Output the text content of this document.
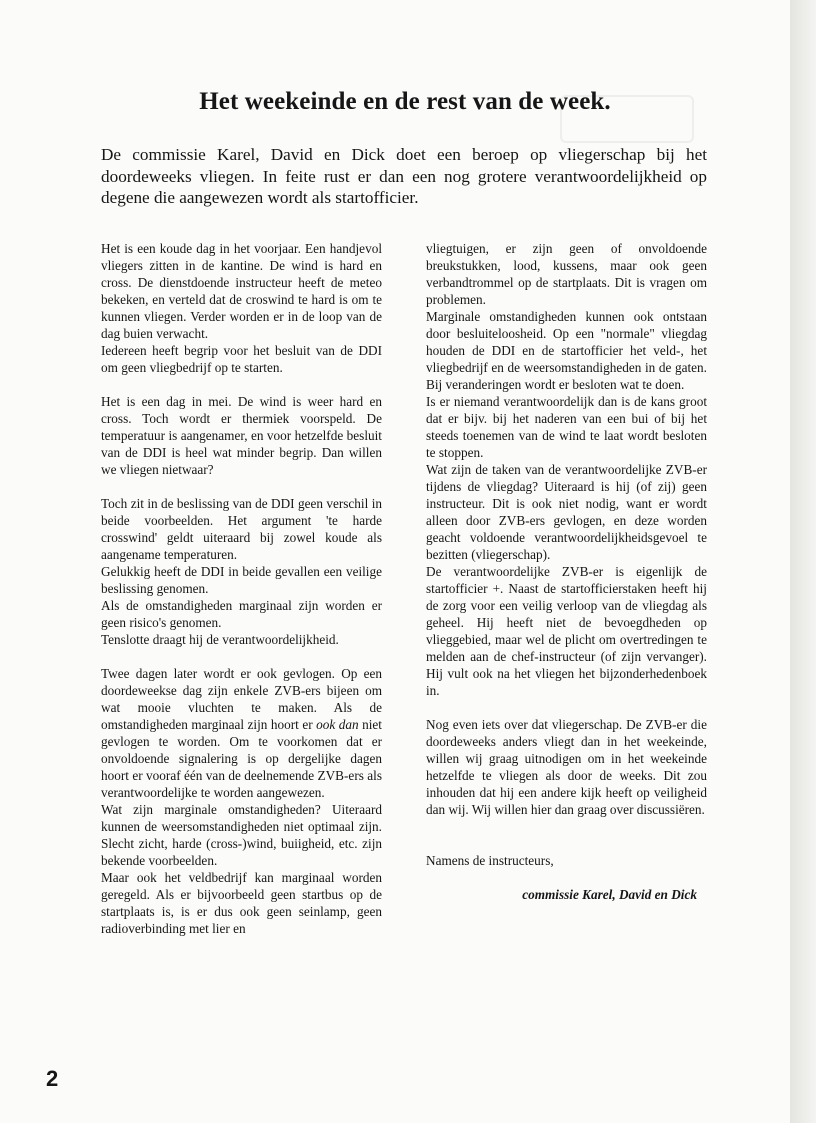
Het weekeinde en de rest van de week.

De commissie Karel, David en Dick doet een beroep op vliegerschap bij het doordeweeks vliegen. In feite rust er dan een nog grotere verantwoordelijkheid op degene die aangewezen wordt als startofficier.

Het is een koude dag in het voorjaar. Een handjevol vliegers zitten in de kantine. De wind is hard en cross. De dienstdoende instructeur heeft de meteo bekeken, en verteld dat de croswind te hard is om te kunnen vliegen. Verder worden er in de loop van de dag buien verwacht.

Iedereen heeft begrip voor het besluit van de DDI om geen vliegbedrijf op te starten.

Het is een dag in mei. De wind is weer hard en cross. Toch wordt er thermiek voorspeld. De temperatuur is aangenamer, en voor hetzelfde besluit van de DDI is heel wat minder begrip. Dan willen we vliegen nietwaar?

Toch zit in de beslissing van de DDI geen verschil in beide voorbeelden. Het argument 'te harde crosswind' geldt uiteraard bij zowel koude als aangename temperaturen.

Gelukkig heeft de DDI in beide gevallen een veilige beslissing genomen.

Als de omstandigheden marginaal zijn worden er geen risico's genomen.

Tenslotte draagt hij de verantwoordelijkheid.

Twee dagen later wordt er ook gevlogen. Op een doordeweekse dag zijn enkele ZVB-ers bijeen om wat mooie vluchten te maken. Als de omstandigheden marginaal zijn hoort er ook dan niet gevlogen te worden. Om te voorkomen dat er onvoldoende signalering is op dergelijke dagen hoort er vooraf één van de deelnemende ZVB-ers als verantwoordelijke te worden aangewezen.

Wat zijn marginale omstandigheden? Uiteraard kunnen de weersomstandigheden niet optimaal zijn. Slecht zicht, harde (cross-)wind, buiigheid, etc. zijn bekende voorbeelden.

Maar ook het veldbedrijf kan marginaal worden geregeld. Als er bijvoorbeeld geen startbus op de startplaats is, is er dus ook geen seinlamp, geen radioverbinding met lier en

vliegtuigen, er zijn geen of onvoldoende breukstukken, lood, kussens, maar ook geen verbandtrommel op de startplaats. Dit is vragen om problemen.

Marginale omstandigheden kunnen ook ontstaan door besluiteloosheid. Op een "normale" vliegdag houden de DDI en de startofficier het veld-, het vliegbedrijf en de weersomstandigheden in de gaten. Bij veranderingen wordt er besloten wat te doen.

Is er niemand verantwoordelijk dan is de kans groot dat er bijv. bij het naderen van een bui of bij het steeds toenemen van de wind te laat wordt besloten te stoppen.

Wat zijn de taken van de verantwoordelijke ZVB-er tijdens de vliegdag? Uiteraard is hij (of zij) geen instructeur. Dit is ook niet nodig, want er wordt alleen door ZVB-ers gevlogen, en deze worden geacht voldoende verantwoordelijkheidsgevoel te bezitten (vliegerschap).

De verantwoordelijke ZVB-er is eigenlijk de startofficier +. Naast de startofficierstaken heeft hij de zorg voor een veilig verloop van de vliegdag als geheel. Hij heeft niet de bevoegdheden op vlieggebied, maar wel de plicht om overtredingen te melden aan de chef-instructeur (of zijn vervanger). Hij vult ook na het vliegen het bijzonderhedenboek in.

Nog even iets over dat vliegerschap. De ZVB-er die doordeweeks anders vliegt dan in het weekeinde, willen wij graag uitnodigen om in het weekeinde hetzelfde te vliegen als door de weeks. Dit zou inhouden dat hij een andere kijk heeft op veiligheid dan wij. Wij willen hier dan graag over discussiëren.

Namens de instructeurs,

commissie Karel, David en Dick

2
